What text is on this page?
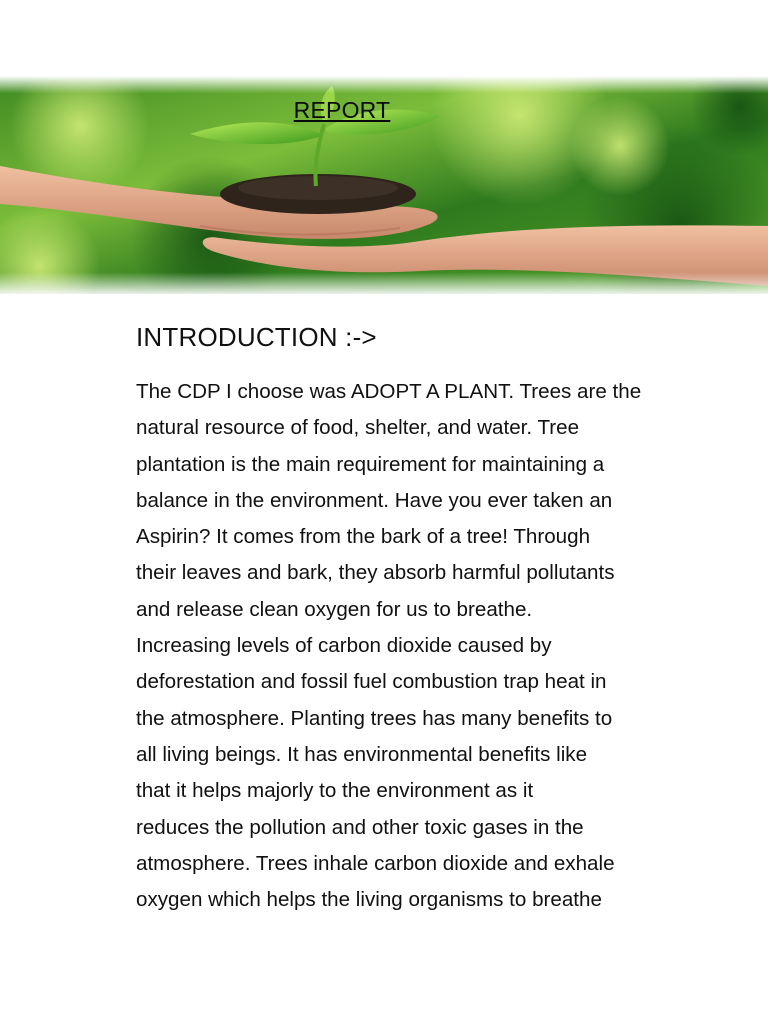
REPORT
INTRODUCTION :->
The CDP I choose was ADOPT A PLANT. Trees are the
natural resource of food, shelter, and water. Tree
plantation is the main requirement for maintaining a
balance in the environment. Have you ever taken an
Aspirin? It comes from the bark of a tree! Through
their leaves and bark, they absorb harmful pollutants
and release clean oxygen for us to breathe.
Increasing levels of carbon dioxide caused by
deforestation and fossil fuel combustion trap heat in
the atmosphere. Planting trees has many benefits to
all living beings. It has environmental benefits like
that it helps majorly to the environment as it
reduces the pollution and other toxic gases in the
atmosphere. Trees inhale carbon dioxide and exhale
oxygen which helps the living organisms to breathe
